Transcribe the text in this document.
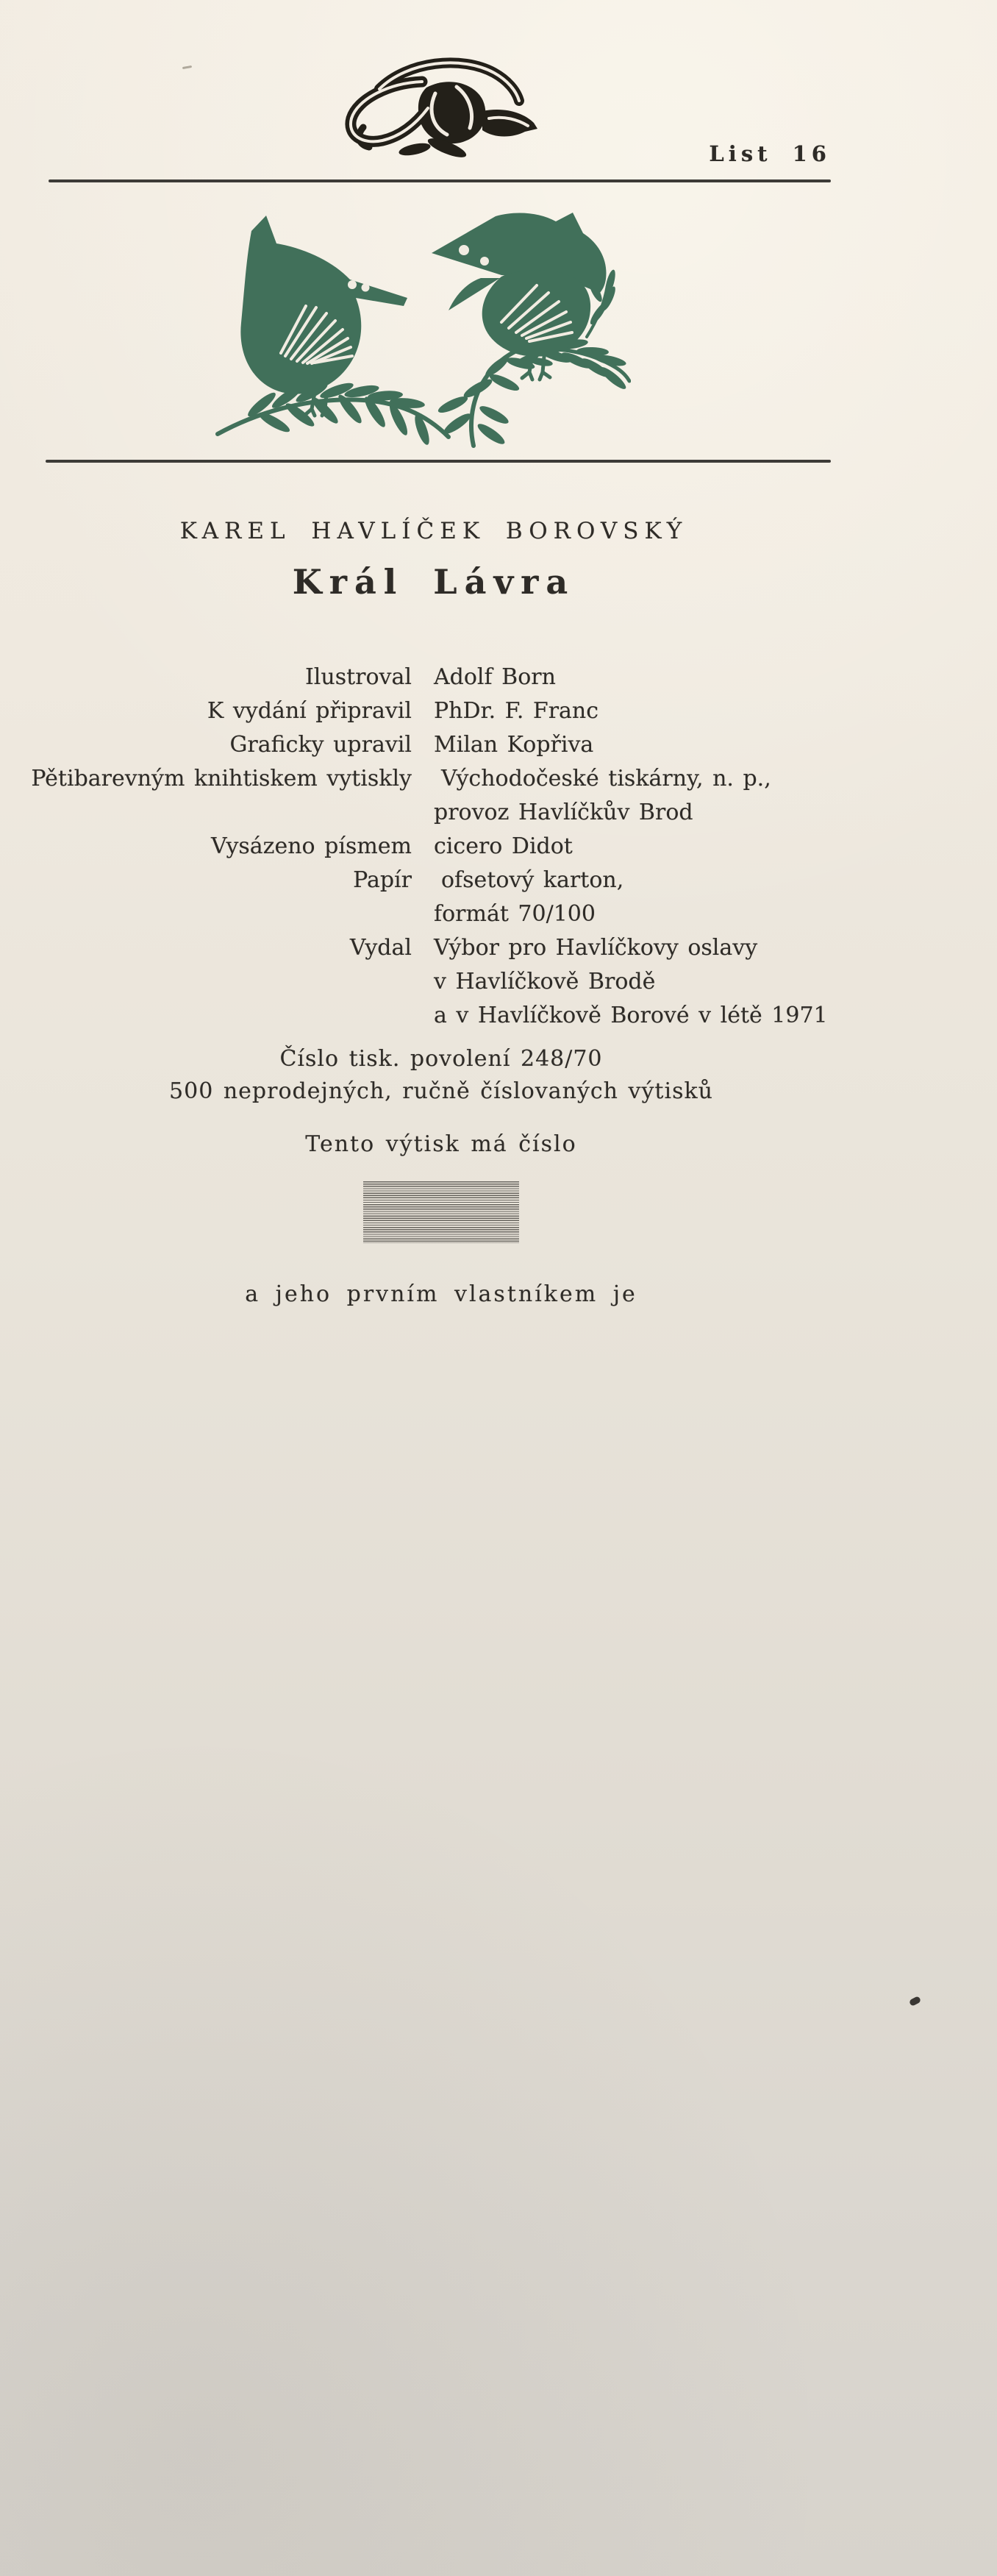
List 16
KAREL HAVLÍČEK BOROVSKÝ
Král Lávra
Ilustroval Adolf Born
K vydání připravil PhDr. F. Franc
Graficky upravil Milan Kopřiva
Pětibarevným knihtiskem vytiskly	Východočeské tiskárny, n. p.,
provoz Havlíčkův Brod
Vysázeno písmem cicero Didot
Papír	ofsetový karton,
formát 70/100
Vydal Výbor pro Havlíčkovy oslavy
v Havlíčkově Brodě
a v Havlíčkově Borové v létě 1971
Číslo tisk. povolení 248/70
500 neprodejných, ručně číslovaných výtisků
Tento výtisk má číslo
a jeho prvním vlastníkem je
